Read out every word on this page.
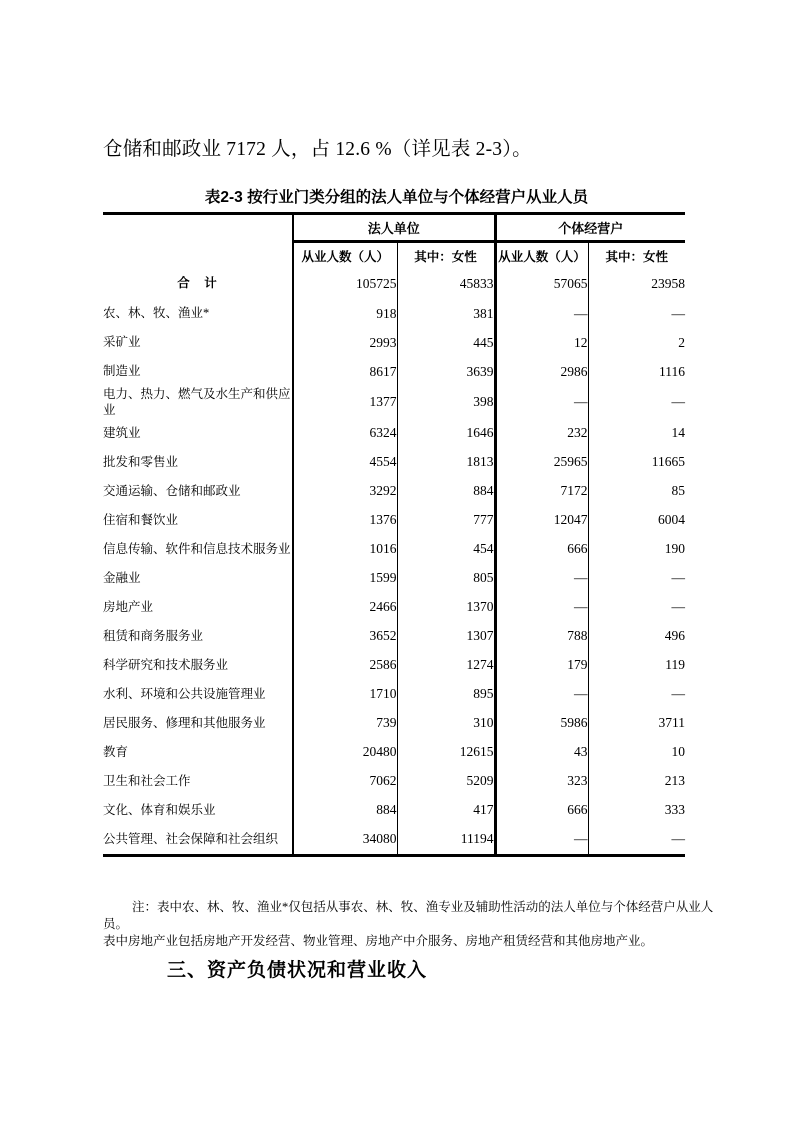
仓储和邮政业 7172 人，占 12.6 %（详见表 2-3）。

表2-3 按行业门类分组的法人单位与个体经营户从业人员
	法人单位		个体经营户	
	从业人数（人）	其中：女性	从业人数（人）	其中：女性
合　计	105725	45833	57065	23958
农、林、牧、渔业*	918	381	—	—
采矿业	2993	445	12	2
制造业	8617	3639	2986	1116
电力、热力、燃气及水生产和供应业	1377	398	—	—
建筑业	6324	1646	232	14
批发和零售业	4554	1813	25965	11665
交通运输、仓储和邮政业	3292	884	7172	85
住宿和餐饮业	1376	777	12047	6004
信息传输、软件和信息技术服务业	1016	454	666	190
金融业	1599	805	—	—
房地产业	2466	1370	—	—
租赁和商务服务业	3652	1307	788	496
科学研究和技术服务业	2586	1274	179	119
水利、环境和公共设施管理业	1710	895	—	—
居民服务、修理和其他服务业	739	310	5986	3711
教育	20480	12615	43	10
卫生和社会工作	7062	5209	323	213
文化、体育和娱乐业	884	417	666	333
公共管理、社会保障和社会组织	34080	11194	—	—
注：表中农、林、牧、渔业*仅包括从事农、林、牧、渔专业及辅助性活动的法人单位与个体经营户从业人员。
表中房地产业包括房地产开发经营、物业管理、房地产中介服务、房地产租赁经营和其他房地产业。
三、资产负债状况和营业收入
